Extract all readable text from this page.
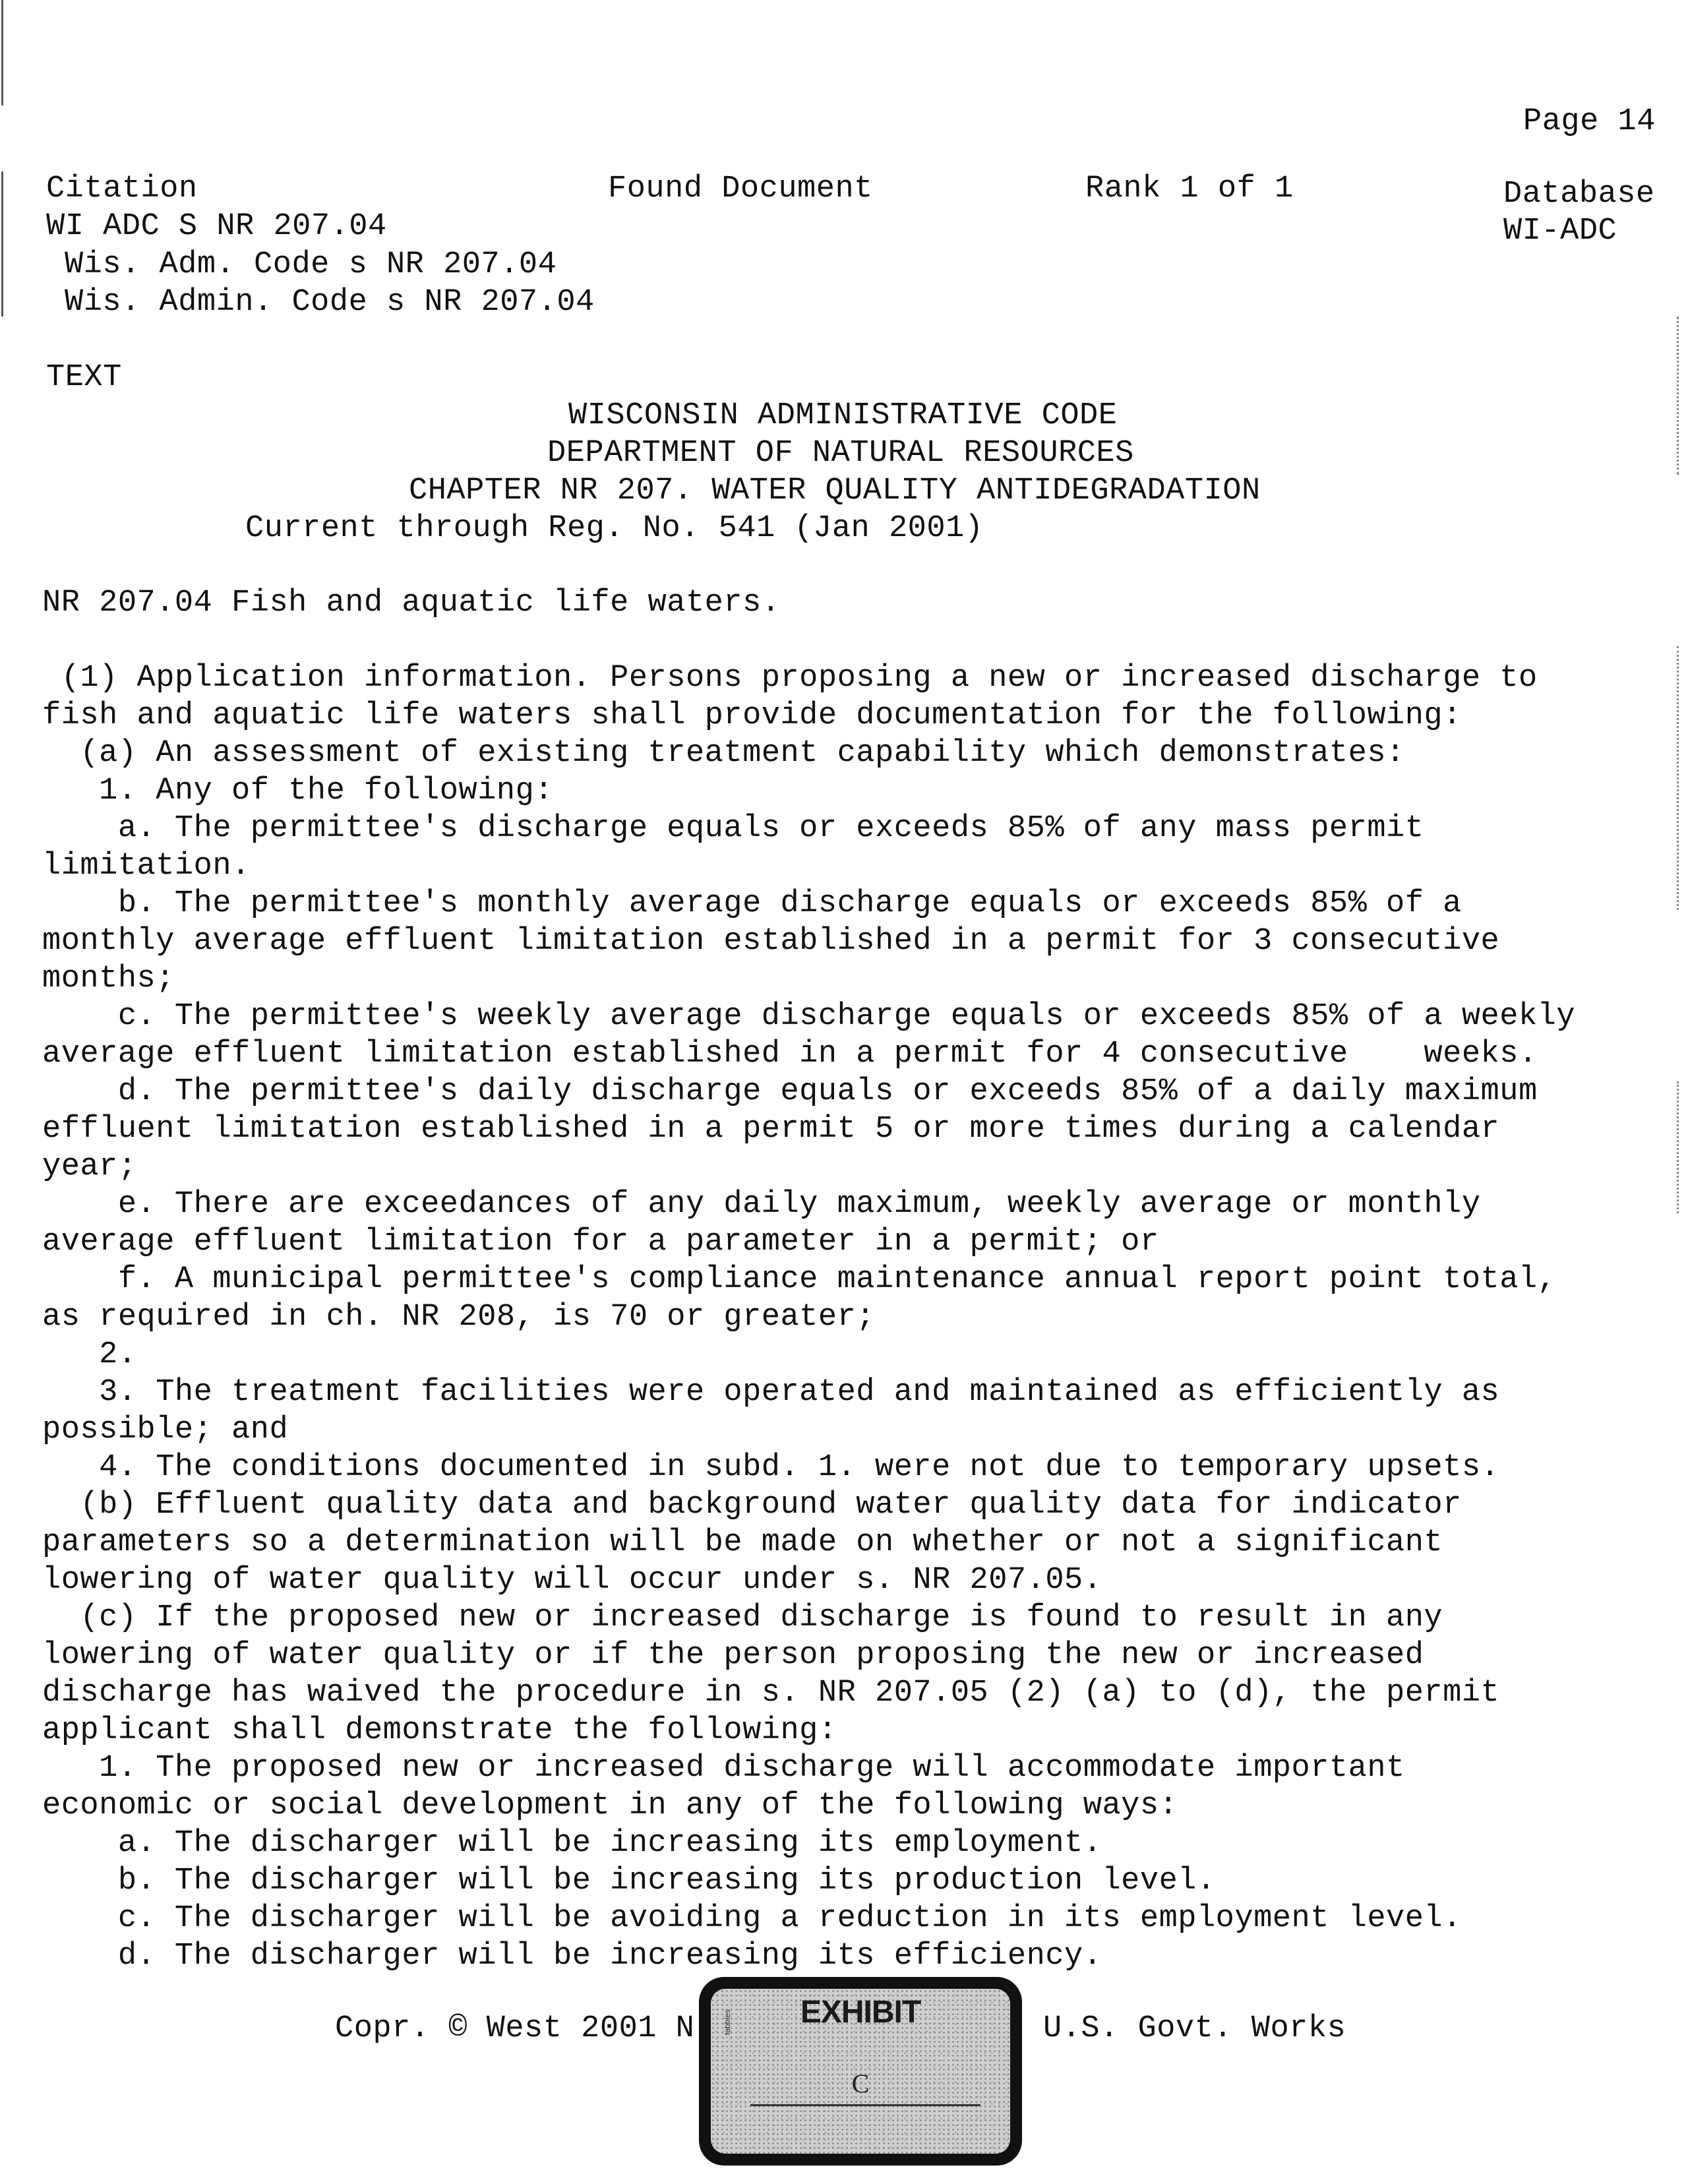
Page 14
Citation	Found Document	Rank 1 of 1	Database
WI ADC S NR 207.04	WI-ADC
Wis. Adm. Code s NR 207.04
Wis. Admin. Code s NR 207.04
TEXT
WISCONSIN ADMINISTRATIVE CODE
DEPARTMENT OF NATURAL RESOURCES
CHAPTER NR 207. WATER QUALITY ANTIDEGRADATION
Current through Reg. No. 541 (Jan 2001)
NR 207.04 Fish and aquatic life waters.
(1) Application information. Persons proposing a new or increased discharge to
fish and aquatic life waters shall provide documentation for the following:
(a) An assessment of existing treatment capability which demonstrates:
1. Any of the following:
a. The permittee's discharge equals or exceeds 85% of any mass permit
limitation.
b. The permittee's monthly average discharge equals or exceeds 85% of a
monthly average effluent limitation established in a permit for 3 consecutive
months;
c. The permittee's weekly average discharge equals or exceeds 85% of a weekly
average effluent limitation established in a permit for 4 consecutive    weeks.
d. The permittee's daily discharge equals or exceeds 85% of a daily maximum
effluent limitation established in a permit 5 or more times during a calendar
year;
e. There are exceedances of any daily maximum, weekly average or monthly
average effluent limitation for a parameter in a permit; or
f. A municipal permittee's compliance maintenance annual report point total,
as required in ch. NR 208, is 70 or greater;
2.
3. The treatment facilities were operated and maintained as efficiently as
possible; and
4. The conditions documented in subd. 1. were not due to temporary upsets.
(b) Effluent quality data and background water quality data for indicator
parameters so a determination will be made on whether or not a significant
lowering of water quality will occur under s. NR 207.05.
(c) If the proposed new or increased discharge is found to result in any
lowering of water quality or if the person proposing the new or increased
discharge has waived the procedure in s. NR 207.05 (2) (a) to (d), the permit
applicant shall demonstrate the following:
1. The proposed new or increased discharge will accommodate important
economic or social development in any of the following ways:
a. The discharger will be increasing its employment.
b. The discharger will be increasing its production level.
c. The discharger will be avoiding a reduction in its employment level.
d. The discharger will be increasing its efficiency.
Copr. © West 2001 N	U.S. Govt. Works
EXHIBIT
tabbles
C
